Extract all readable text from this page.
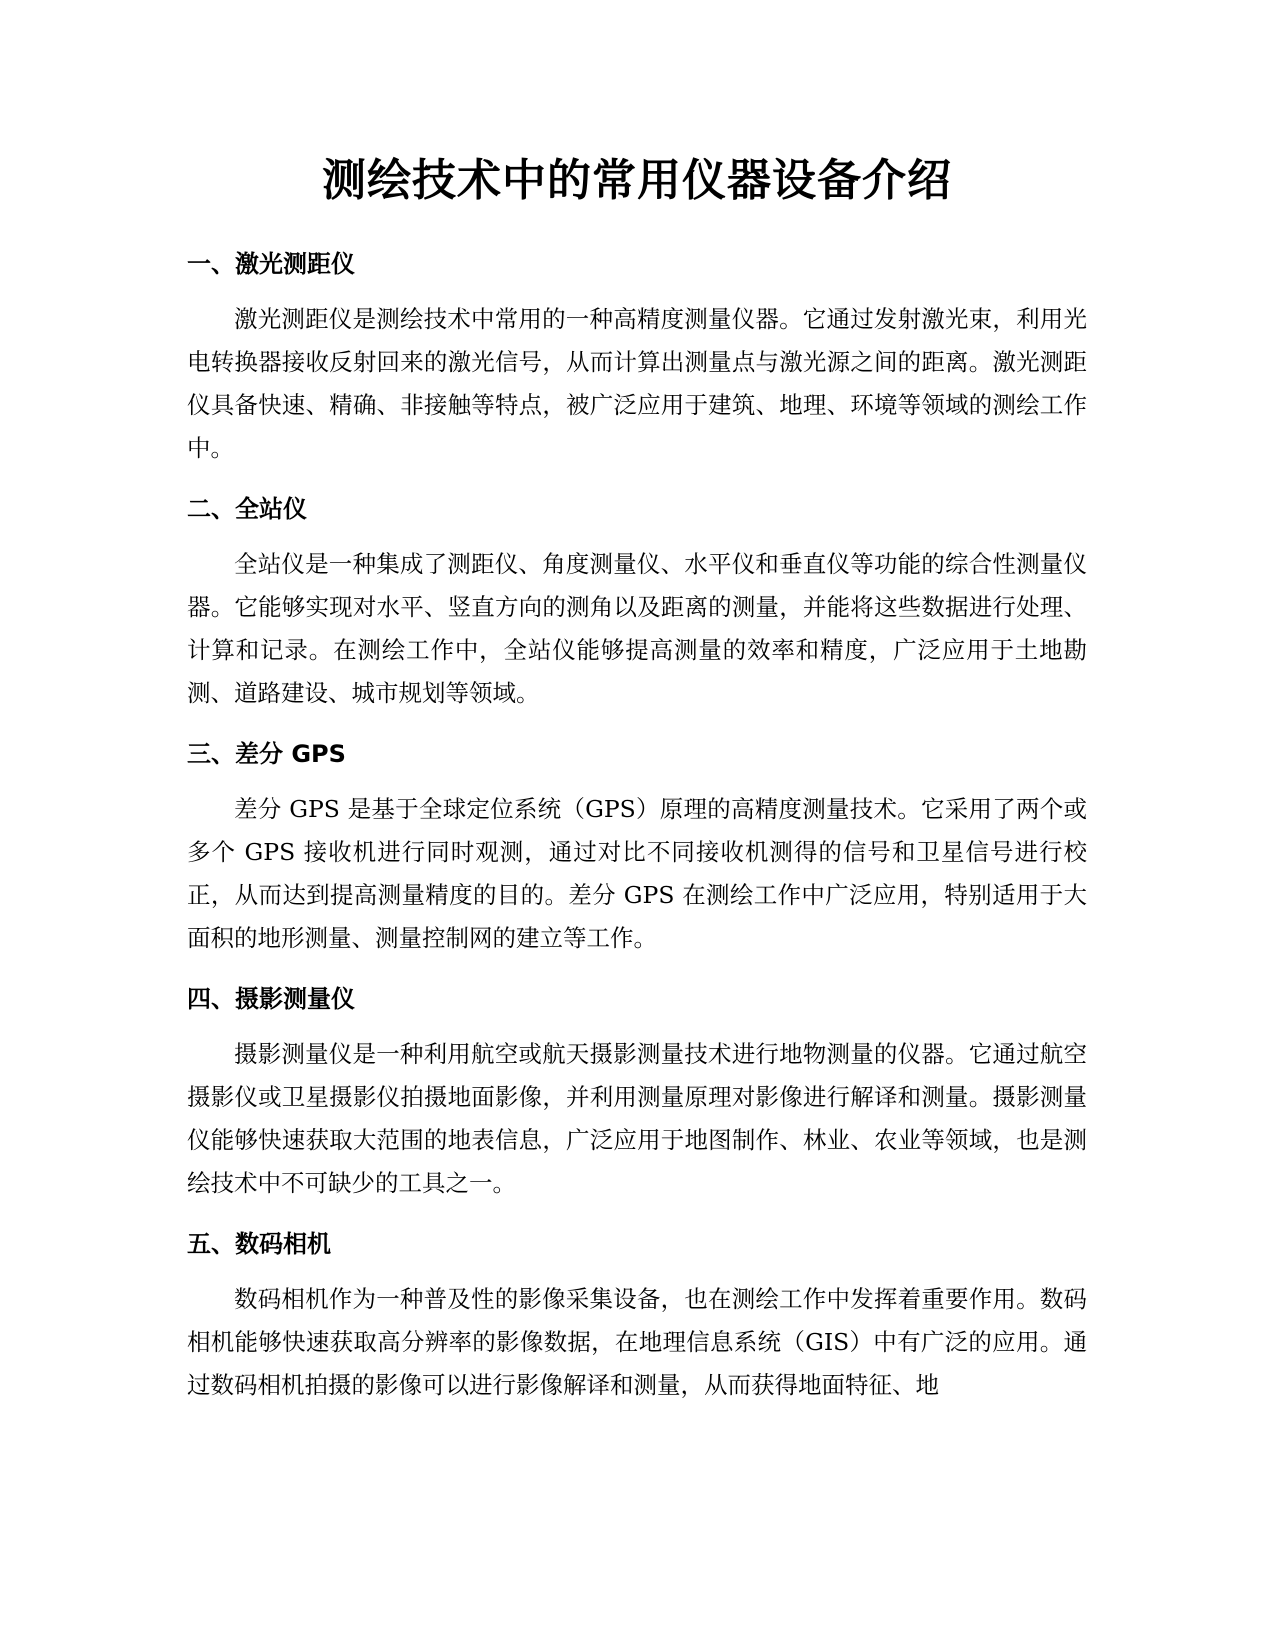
测绘技术中的常用仪器设备介绍
一、激光测距仪

激光测距仪是测绘技术中常用的一种高精度测量仪器。它通过发射激光束，利用光电转换器接收反射回来的激光信号，从而计算出测量点与激光源之间的距离。激光测距仪具备快速、精确、非接触等特点，被广泛应用于建筑、地理、环境等领域的测绘工作中。

二、全站仪

全站仪是一种集成了测距仪、角度测量仪、水平仪和垂直仪等功能的综合性测量仪器。它能够实现对水平、竖直方向的测角以及距离的测量，并能将这些数据进行处理、计算和记录。在测绘工作中，全站仪能够提高测量的效率和精度，广泛应用于土地勘测、道路建设、城市规划等领域。

三、差分 GPS

差分 GPS 是基于全球定位系统（GPS）原理的高精度测量技术。它采用了两个或多个 GPS 接收机进行同时观测，通过对比不同接收机测得的信号和卫星信号进行校正，从而达到提高测量精度的目的。差分 GPS 在测绘工作中广泛应用，特别适用于大面积的地形测量、测量控制网的建立等工作。

四、摄影测量仪

摄影测量仪是一种利用航空或航天摄影测量技术进行地物测量的仪器。它通过航空摄影仪或卫星摄影仪拍摄地面影像，并利用测量原理对影像进行解译和测量。摄影测量仪能够快速获取大范围的地表信息，广泛应用于地图制作、林业、农业等领域，也是测绘技术中不可缺少的工具之一。

五、数码相机

数码相机作为一种普及性的影像采集设备，也在测绘工作中发挥着重要作用。数码相机能够快速获取高分辨率的影像数据，在地理信息系统（GIS）中有广泛的应用。通过数码相机拍摄的影像可以进行影像解译和测量，从而获得地面特征、地
